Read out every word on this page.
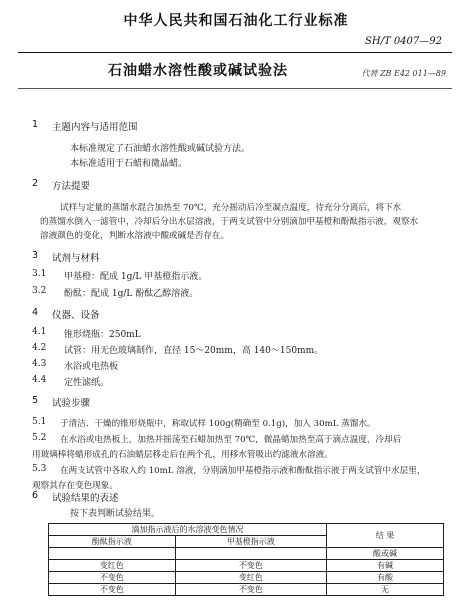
中华人民共和国石油化工行业标准
SH/T 0407—92
石油蜡水溶性酸或碱试验法	代替 ZB E42 011—89
1 主题内容与适用范围
本标准规定了石油蜡水溶性酸或碱试验方法。
本标准适用于石蜡和微晶蜡。
2 方法提要
试样与定量的蒸馏水混合加热至 70℃，充分摇动后冷至凝点温度，待充分分离后，将下水
的蒸馏水倒入一滤管中，冷却后分出水层溶液，于两支试管中分别滴加甲基橙和酚酞指示液，观察水
溶液颜色的变化，判断水溶液中酸或碱是否存在。
3 试剂与材料
3.1 甲基橙：配成 1g/L 甲基橙指示液。
3.2 酚酞：配成 1g/L 酚酞乙醇溶液。
4 仪器、设备
4.1 锥形烧瓶：250mL
4.2 试管：用无色玻璃制作，直径 15～20mm，高 140～150mm。
4.3 水浴或电热板
4.4 定性滤纸。
5 试验步骤
5.1 于清洁、干燥的锥形烧瓶中，称取试样 100g(精确至 0.1g)，加入 30mL 蒸馏水。
5.2 在水浴或电热板上，加热并摇荡至石蜡加热至 70℃，微晶蜡加热至高于滴点温度，冷却后
用玻璃棒将蜡形成孔的石油蜡层移走后在两个孔，用移水管吸出约滤液水溶液。
5.3 在两支试管中各取入约 10mL 溶液，分别滴加甲基橙指示液和酚酞指示液于两支试管中水层里，
观察其存在变色现象。
6 试验结果的表述
按下表判断试验结果。
滴加指示液后的水溶液变色情况		结 果
酚酞指示液	甲基橙指示液	
		酸或碱
变红色	不变色	有碱
不变色	变红色	有酸
不变色	不变色	无
